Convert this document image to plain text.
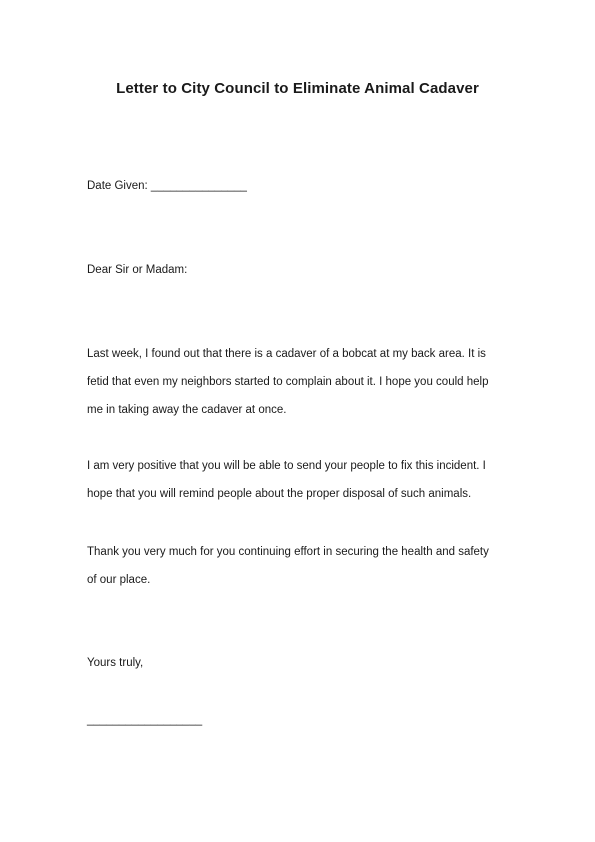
Letter to City Council to Eliminate Animal Cadaver
Date Given: _______________
Dear Sir or Madam:
Last week, I found out that there is a cadaver of a bobcat at my back area. It is
fetid that even my neighbors started to complain about it. I hope you could help
me in taking away the cadaver at once.
I am very positive that you will be able to send your people to fix this incident. I
hope that you will remind people about the proper disposal of such animals.
Thank you very much for you continuing effort in securing the health and safety
of our place.
Yours truly,
__________________
